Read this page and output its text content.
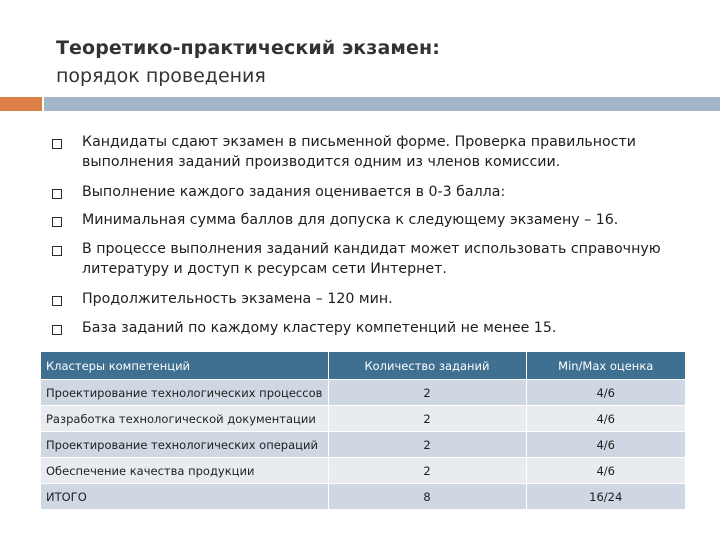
Теоретико-практический экзамен:
порядок проведения
Кандидаты сдают экзамен в письменной форме. Проверка правильности выполнения заданий производится одним из членов комиссии.
Выполнение каждого задания оценивается в 0-3 балла:
Минимальная сумма баллов для допуска к следующему экзамену – 16.
В процессе выполнения заданий кандидат может использовать справочную литературу и доступ к ресурсам сети Интернет.
Продолжительность экзамена – 120 мин.
База заданий по каждому кластеру компетенций не менее 15.
Кластеры компетенций	Количество заданий	Min/Max оценка
Проектирование технологических процессов	2	4/6
Разработка технологической документации	2	4/6
Проектирование технологических операций	2	4/6
Обеспечение качества продукции	2	4/6
ИТОГО	8	16/24
